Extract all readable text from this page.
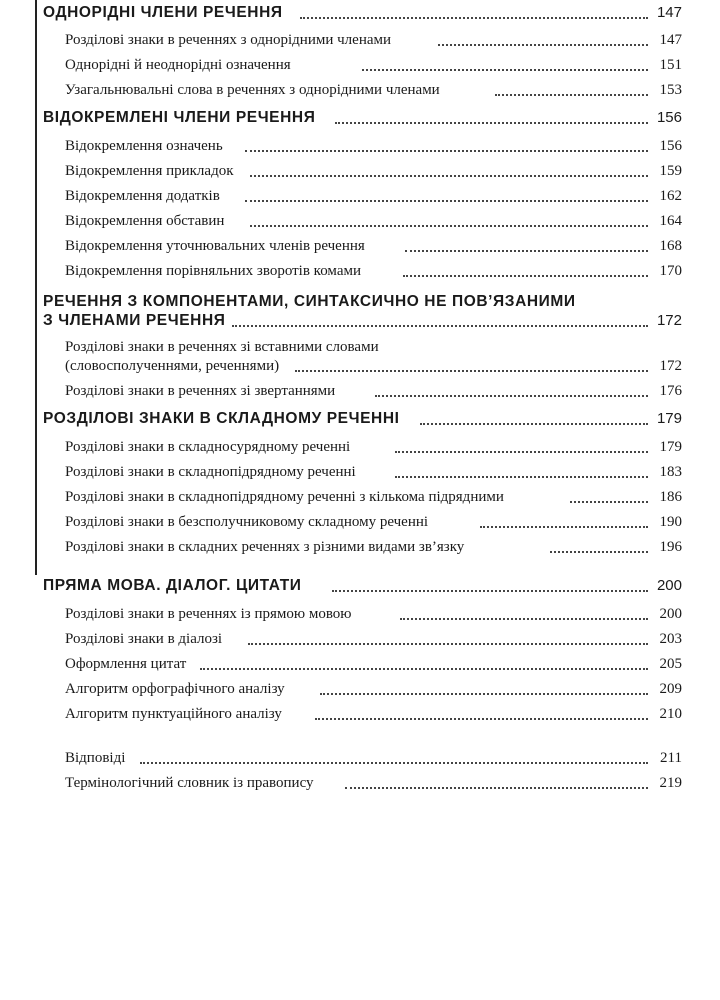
ОДНОРІДНІ ЧЛЕНИ РЕЧЕННЯ	147
Розділові знаки в реченнях з однорідними членами	147
Однорідні й неоднорідні означення	151
Узагальнювальні слова в реченнях з однорідними членами	153
ВІДОКРЕМЛЕНІ ЧЛЕНИ РЕЧЕННЯ	156
Відокремлення означень	156
Відокремлення прикладок	159
Відокремлення додатків	162
Відокремлення обставин	164
Відокремлення уточнювальних членів речення	168
Відокремлення порівняльних зворотів комами	170
РЕЧЕННЯ З КОМПОНЕНТАМИ, СИНТАКСИЧНО НЕ ПОВ’ЯЗАНИМИ
З ЧЛЕНАМИ РЕЧЕННЯ	172
Розділові знаки в реченнях зі вставними словами
(словосполученнями, реченнями)	172
Розділові знаки в реченнях зі звертаннями	176
РОЗДІЛОВІ ЗНАКИ В СКЛАДНОМУ РЕЧЕННІ	179
Розділові знаки в складносурядному реченні	179
Розділові знаки в складнопідрядному реченні	183
Розділові знаки в складнопідрядному реченні з кількома підрядними	186
Розділові знаки в безсполучниковому складному реченні	190
Розділові знаки в складних реченнях з різними видами зв’язку	196
ПРЯМА МОВА. ДІАЛОГ. ЦИТАТИ	200
Розділові знаки в реченнях із прямою мовою	200
Розділові знаки в діалозі	203
Оформлення цитат	205
Алгоритм орфографічного аналізу	209
Алгоритм пунктуаційного аналізу	210
Відповіді	211
Термінологічний словник із правопису	219
